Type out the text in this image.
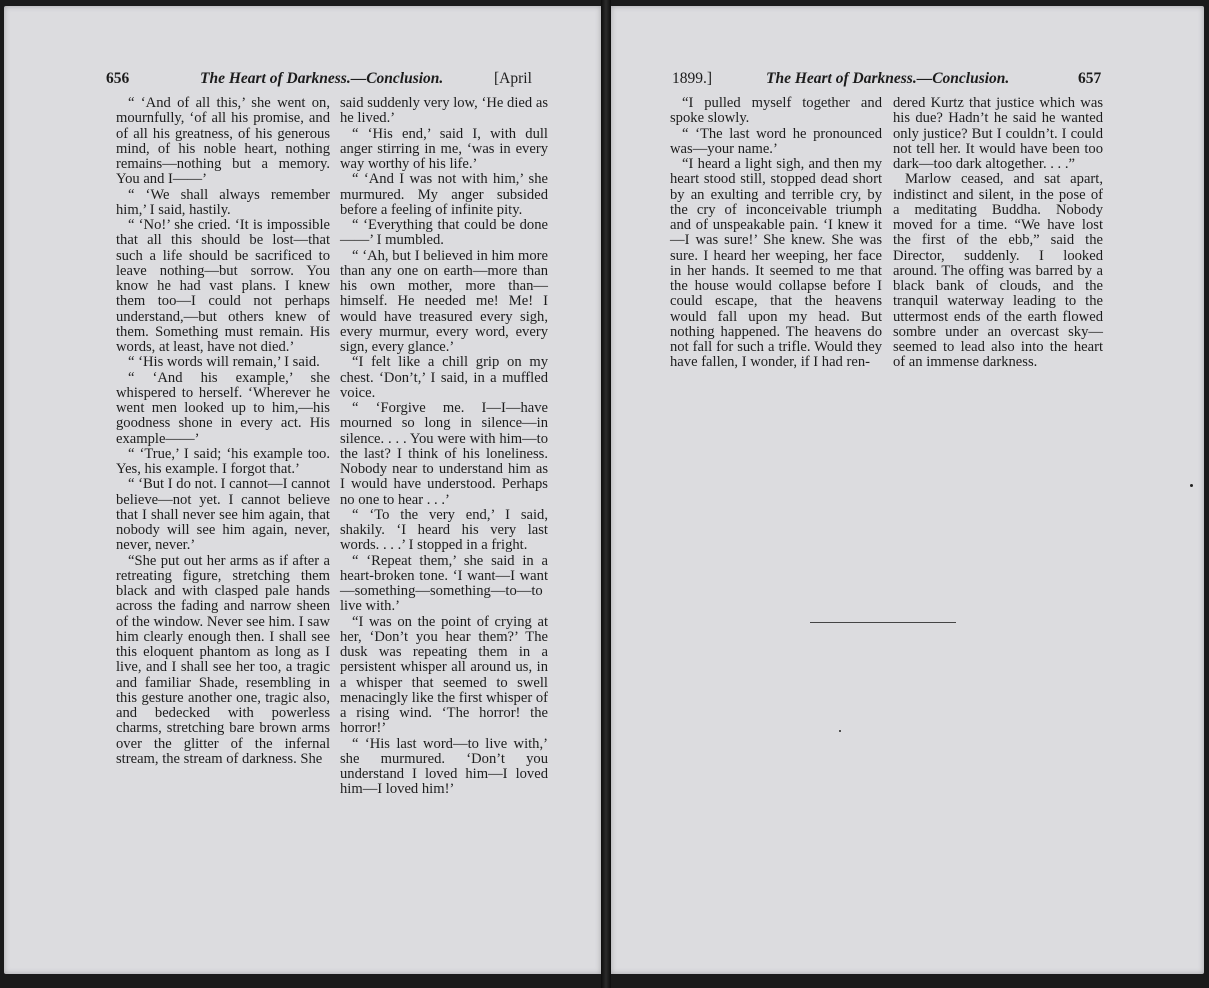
656	The Heart of Darkness.—Conclusion.	[April	1899.]	The Heart of Darkness.—Conclusion.	657

“ ‘And of all this,’ she went on, mournfully, ‘of all his promise, and of all his greatness, of his generous mind, of his noble heart, nothing remains—nothing but a memory. You and I——’

“ ‘We shall always remember him,’ I said, hastily.

“ ‘No!’ she cried. ‘It is impossible that all this should be lost—that such a life should be sacrificed to leave nothing—but sorrow. You know he had vast plans. I knew them too—I could not perhaps understand,—but others knew of them. Something must remain. His words, at least, have not died.’

“ ‘His words will remain,’ I said.

“ ‘And his example,’ she whispered to herself. ‘Wherever he went men looked up to him,—his goodness shone in every act. His example——’

“ ‘True,’ I said; ‘his example too. Yes, his example. I forgot that.’

“ ‘But I do not. I cannot—I cannot believe—not yet. I cannot believe that I shall never see him again, that nobody will see him again, never, never, never.’

“She put out her arms as if after a retreating figure, stretching them black and with clasped pale hands across the fading and narrow sheen of the window. Never see him. I saw him clearly enough then. I shall see this eloquent phantom as long as I live, and I shall see her too, a tragic and familiar Shade, resembling in this gesture another one, tragic also, and bedecked with powerless charms, stretching bare brown arms over the glitter of the infernal stream, the stream of darkness. She

said suddenly very low, ‘He died as he lived.’

“ ‘His end,’ said I, with dull anger stirring in me, ‘was in every way worthy of his life.’

“ ‘And I was not with him,’ she murmured. My anger subsided before a feeling of infinite pity.

“ ‘Everything that could be done——’ I mumbled.

“ ‘Ah, but I believed in him more than any one on earth—more than his own mother, more than—himself. He needed me! Me! I would have treasured every sigh, every murmur, every word, every sign, every glance.’

“I felt like a chill grip on my chest. ‘Don’t,’ I said, in a muffled voice.

“ ‘Forgive me. I—I—have mourned so long in silence—in silence. . . . You were with him—to the last? I think of his loneliness. Nobody near to understand him as I would have understood. Perhaps no one to hear . . .’

“ ‘To the very end,’ I said, shakily. ‘I heard his very last words. . . .’ I stopped in a fright.

“ ‘Repeat them,’ she said in a heart-broken tone. ‘I want—I want—something—something—to—to live with.’

“I was on the point of crying at her, ‘Don’t you hear them?’ The dusk was repeating them in a persistent whisper all around us, in a whisper that seemed to swell menacingly like the first whisper of a rising wind. ‘The horror! the horror!’

“ ‘His last word—to live with,’ she murmured. ‘Don’t you understand I loved him—I loved him—I loved him!’

“I pulled myself together and spoke slowly.

“ ‘The last word he pronounced was—your name.’

“I heard a light sigh, and then my heart stood still, stopped dead short by an exulting and terrible cry, by the cry of inconceivable triumph and of unspeakable pain. ‘I knew it—I was sure!’ She knew. She was sure. I heard her weeping, her face in her hands. It seemed to me that the house would collapse before I could escape, that the heavens would fall upon my head. But nothing happened. The heavens do not fall for such a trifle. Would they have fallen, I wonder, if I had ren-

dered Kurtz that justice which was his due? Hadn’t he said he wanted only justice? But I couldn’t. I could not tell her. It would have been too dark—too dark altogether. . . .”

Marlow ceased, and sat apart, indistinct and silent, in the pose of a meditating Buddha. Nobody moved for a time. “We have lost the first of the ebb,” said the Director, suddenly. I looked around. The offing was barred by a black bank of clouds, and the tranquil waterway leading to the uttermost ends of the earth flowed sombre under an overcast sky—seemed to lead also into the heart of an immense darkness.
